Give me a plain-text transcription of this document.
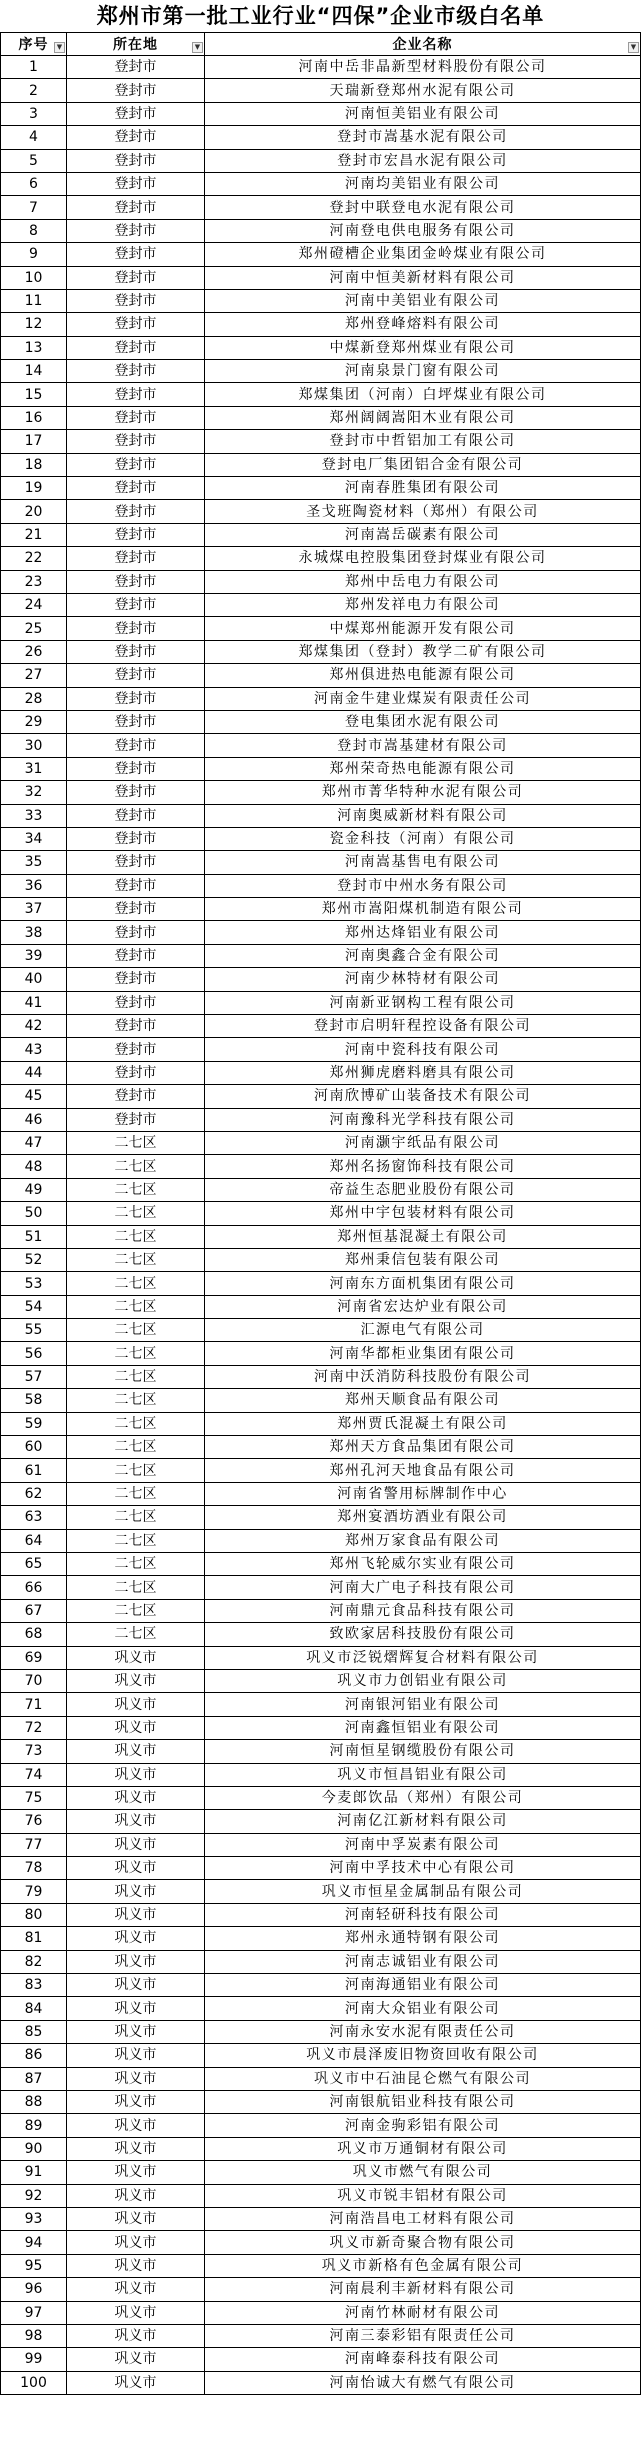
郑州市第一批工业行业“四保”企业市级白名单
序号 ▼	所在地 ▼	企业名称 ▼

1	登封市	河南中岳非晶新型材料股份有限公司
2	登封市	天瑞新登郑州水泥有限公司
3	登封市	河南恒美铝业有限公司
4	登封市	登封市嵩基水泥有限公司
5	登封市	登封市宏昌水泥有限公司
6	登封市	河南均美铝业有限公司
7	登封市	登封中联登电水泥有限公司
8	登封市	河南登电供电服务有限公司
9	登封市	郑州磴槽企业集团金岭煤业有限公司
10	登封市	河南中恒美新材料有限公司
11	登封市	河南中美铝业有限公司
12	登封市	郑州登峰熔料有限公司
13	登封市	中煤新登郑州煤业有限公司
14	登封市	河南泉景门窗有限公司
15	登封市	郑煤集团（河南）白坪煤业有限公司
16	登封市	郑州阔阔嵩阳木业有限公司
17	登封市	登封市中哲铝加工有限公司
18	登封市	登封电厂集团铝合金有限公司
19	登封市	河南春胜集团有限公司
20	登封市	圣戈班陶瓷材料（郑州）有限公司
21	登封市	河南嵩岳碳素有限公司
22	登封市	永城煤电控股集团登封煤业有限公司
23	登封市	郑州中岳电力有限公司
24	登封市	郑州发祥电力有限公司
25	登封市	中煤郑州能源开发有限公司
26	登封市	郑煤集团（登封）教学二矿有限公司
27	登封市	郑州俱进热电能源有限公司
28	登封市	河南金牛建业煤炭有限责任公司
29	登封市	登电集团水泥有限公司
30	登封市	登封市嵩基建材有限公司
31	登封市	郑州荣奇热电能源有限公司
32	登封市	郑州市菁华特种水泥有限公司
33	登封市	河南奥威新材料有限公司
34	登封市	瓷金科技（河南）有限公司
35	登封市	河南嵩基售电有限公司
36	登封市	登封市中州水务有限公司
37	登封市	郑州市嵩阳煤机制造有限公司
38	登封市	郑州达烽铝业有限公司
39	登封市	河南奥鑫合金有限公司
40	登封市	河南少林特材有限公司
41	登封市	河南新亚钢构工程有限公司
42	登封市	登封市启明轩程控设备有限公司
43	登封市	河南中瓷科技有限公司
44	登封市	郑州狮虎磨料磨具有限公司
45	登封市	河南欣博矿山装备技术有限公司
46	登封市	河南豫科光学科技有限公司
47	二七区	河南灏宇纸品有限公司
48	二七区	郑州名扬窗饰科技有限公司
49	二七区	帝益生态肥业股份有限公司
50	二七区	郑州中宇包装材料有限公司
51	二七区	郑州恒基混凝土有限公司
52	二七区	郑州秉信包装有限公司
53	二七区	河南东方面机集团有限公司
54	二七区	河南省宏达炉业有限公司
55	二七区	汇源电气有限公司
56	二七区	河南华都柜业集团有限公司
57	二七区	河南中沃消防科技股份有限公司
58	二七区	郑州天顺食品有限公司
59	二七区	郑州贾氏混凝土有限公司
60	二七区	郑州天方食品集团有限公司
61	二七区	郑州孔河天地食品有限公司
62	二七区	河南省警用标牌制作中心
63	二七区	郑州宴酒坊酒业有限公司
64	二七区	郑州万家食品有限公司
65	二七区	郑州飞轮威尔实业有限公司
66	二七区	河南大广电子科技有限公司
67	二七区	河南鼎元食品科技有限公司
68	二七区	致欧家居科技股份有限公司
69	巩义市	巩义市泛锐熠辉复合材料有限公司
70	巩义市	巩义市力创铝业有限公司
71	巩义市	河南银河铝业有限公司
72	巩义市	河南鑫恒铝业有限公司
73	巩义市	河南恒星钢缆股份有限公司
74	巩义市	巩义市恒昌铝业有限公司
75	巩义市	今麦郎饮品（郑州）有限公司
76	巩义市	河南亿江新材料有限公司
77	巩义市	河南中孚炭素有限公司
78	巩义市	河南中孚技术中心有限公司
79	巩义市	巩义市恒星金属制品有限公司
80	巩义市	河南轻研科技有限公司
81	巩义市	郑州永通特钢有限公司
82	巩义市	河南志诚铝业有限公司
83	巩义市	河南海通铝业有限公司
84	巩义市	河南大众铝业有限公司
85	巩义市	河南永安水泥有限责任公司
86	巩义市	巩义市晨泽废旧物资回收有限公司
87	巩义市	巩义市中石油昆仑燃气有限公司
88	巩义市	河南银航铝业科技有限公司
89	巩义市	河南金驹彩铝有限公司
90	巩义市	巩义市万通铜材有限公司
91	巩义市	巩义市燃气有限公司
92	巩义市	巩义市锐丰铝材有限公司
93	巩义市	河南浩昌电工材料有限公司
94	巩义市	巩义市新奇聚合物有限公司
95	巩义市	巩义市新格有色金属有限公司
96	巩义市	河南晨利丰新材料有限公司
97	巩义市	河南竹林耐材有限公司
98	巩义市	河南三泰彩铝有限责任公司
99	巩义市	河南峰泰科技有限公司
100	巩义市	河南怡诚大有燃气有限公司
